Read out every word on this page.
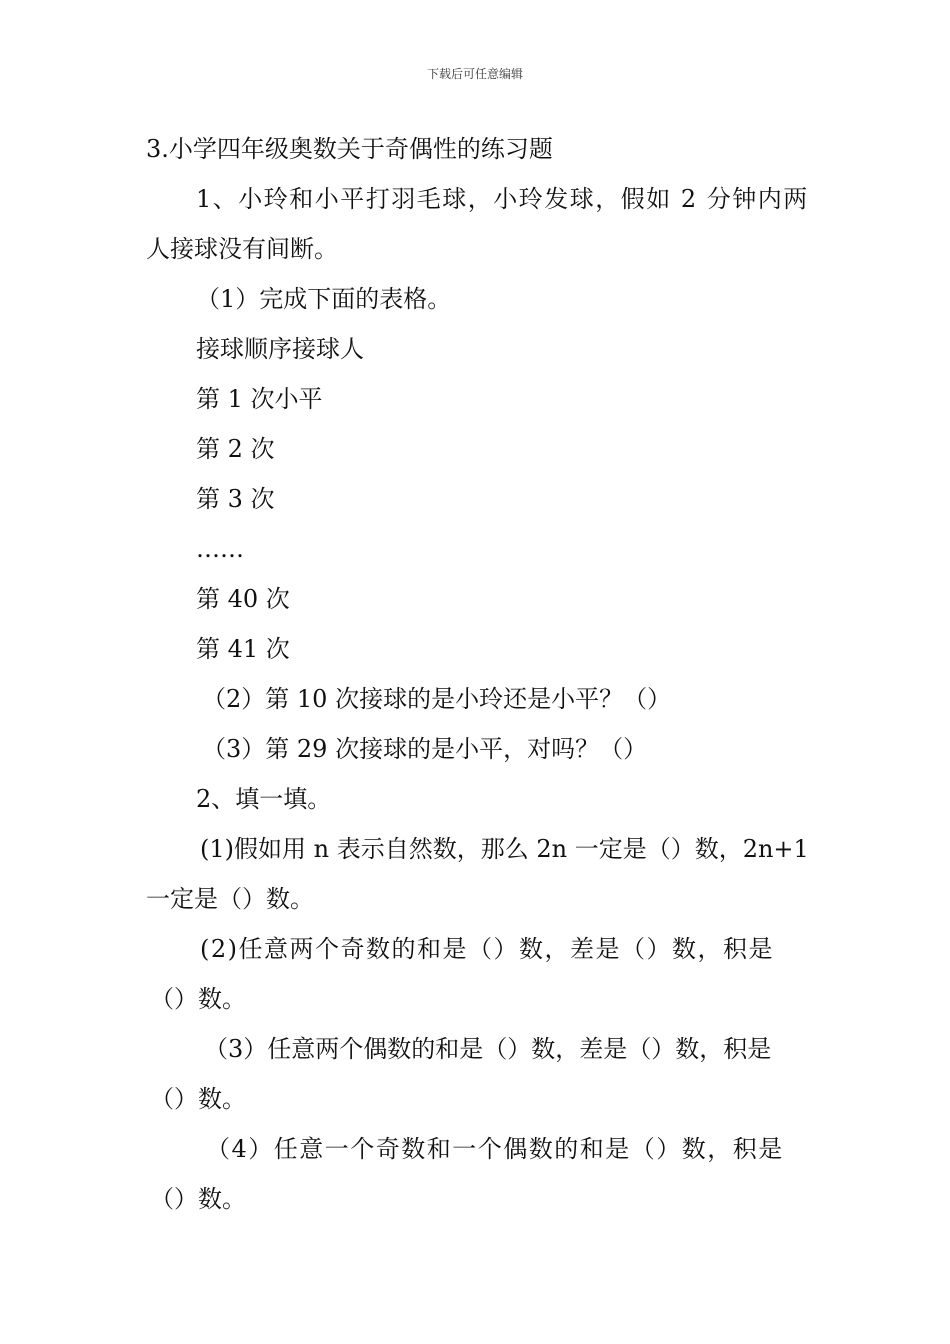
下载后可任意编辑
3.小学四年级奥数关于奇偶性的练习题
1、小玲和小平打羽毛球，小玲发球，假如 2 分钟内两
人接球没有间断。
（1）完成下面的表格。
接球顺序接球人
第 1 次小平
第 2 次
第 3 次
……
第 40 次
第 41 次
（2）第 10 次接球的是小玲还是小平？（）
（3）第 29 次接球的是小平，对吗？（）
2、填一填。
(1)假如用 n 表示自然数，那么 2n 一定是（）数，2n+1
一定是（）数。
(2)任意两个奇数的和是（）数，差是（）数，积是
（）数。
（3）任意两个偶数的和是（）数，差是（）数，积是
（）数。
（4）任意一个奇数和一个偶数的和是（）数，积是
（）数。
